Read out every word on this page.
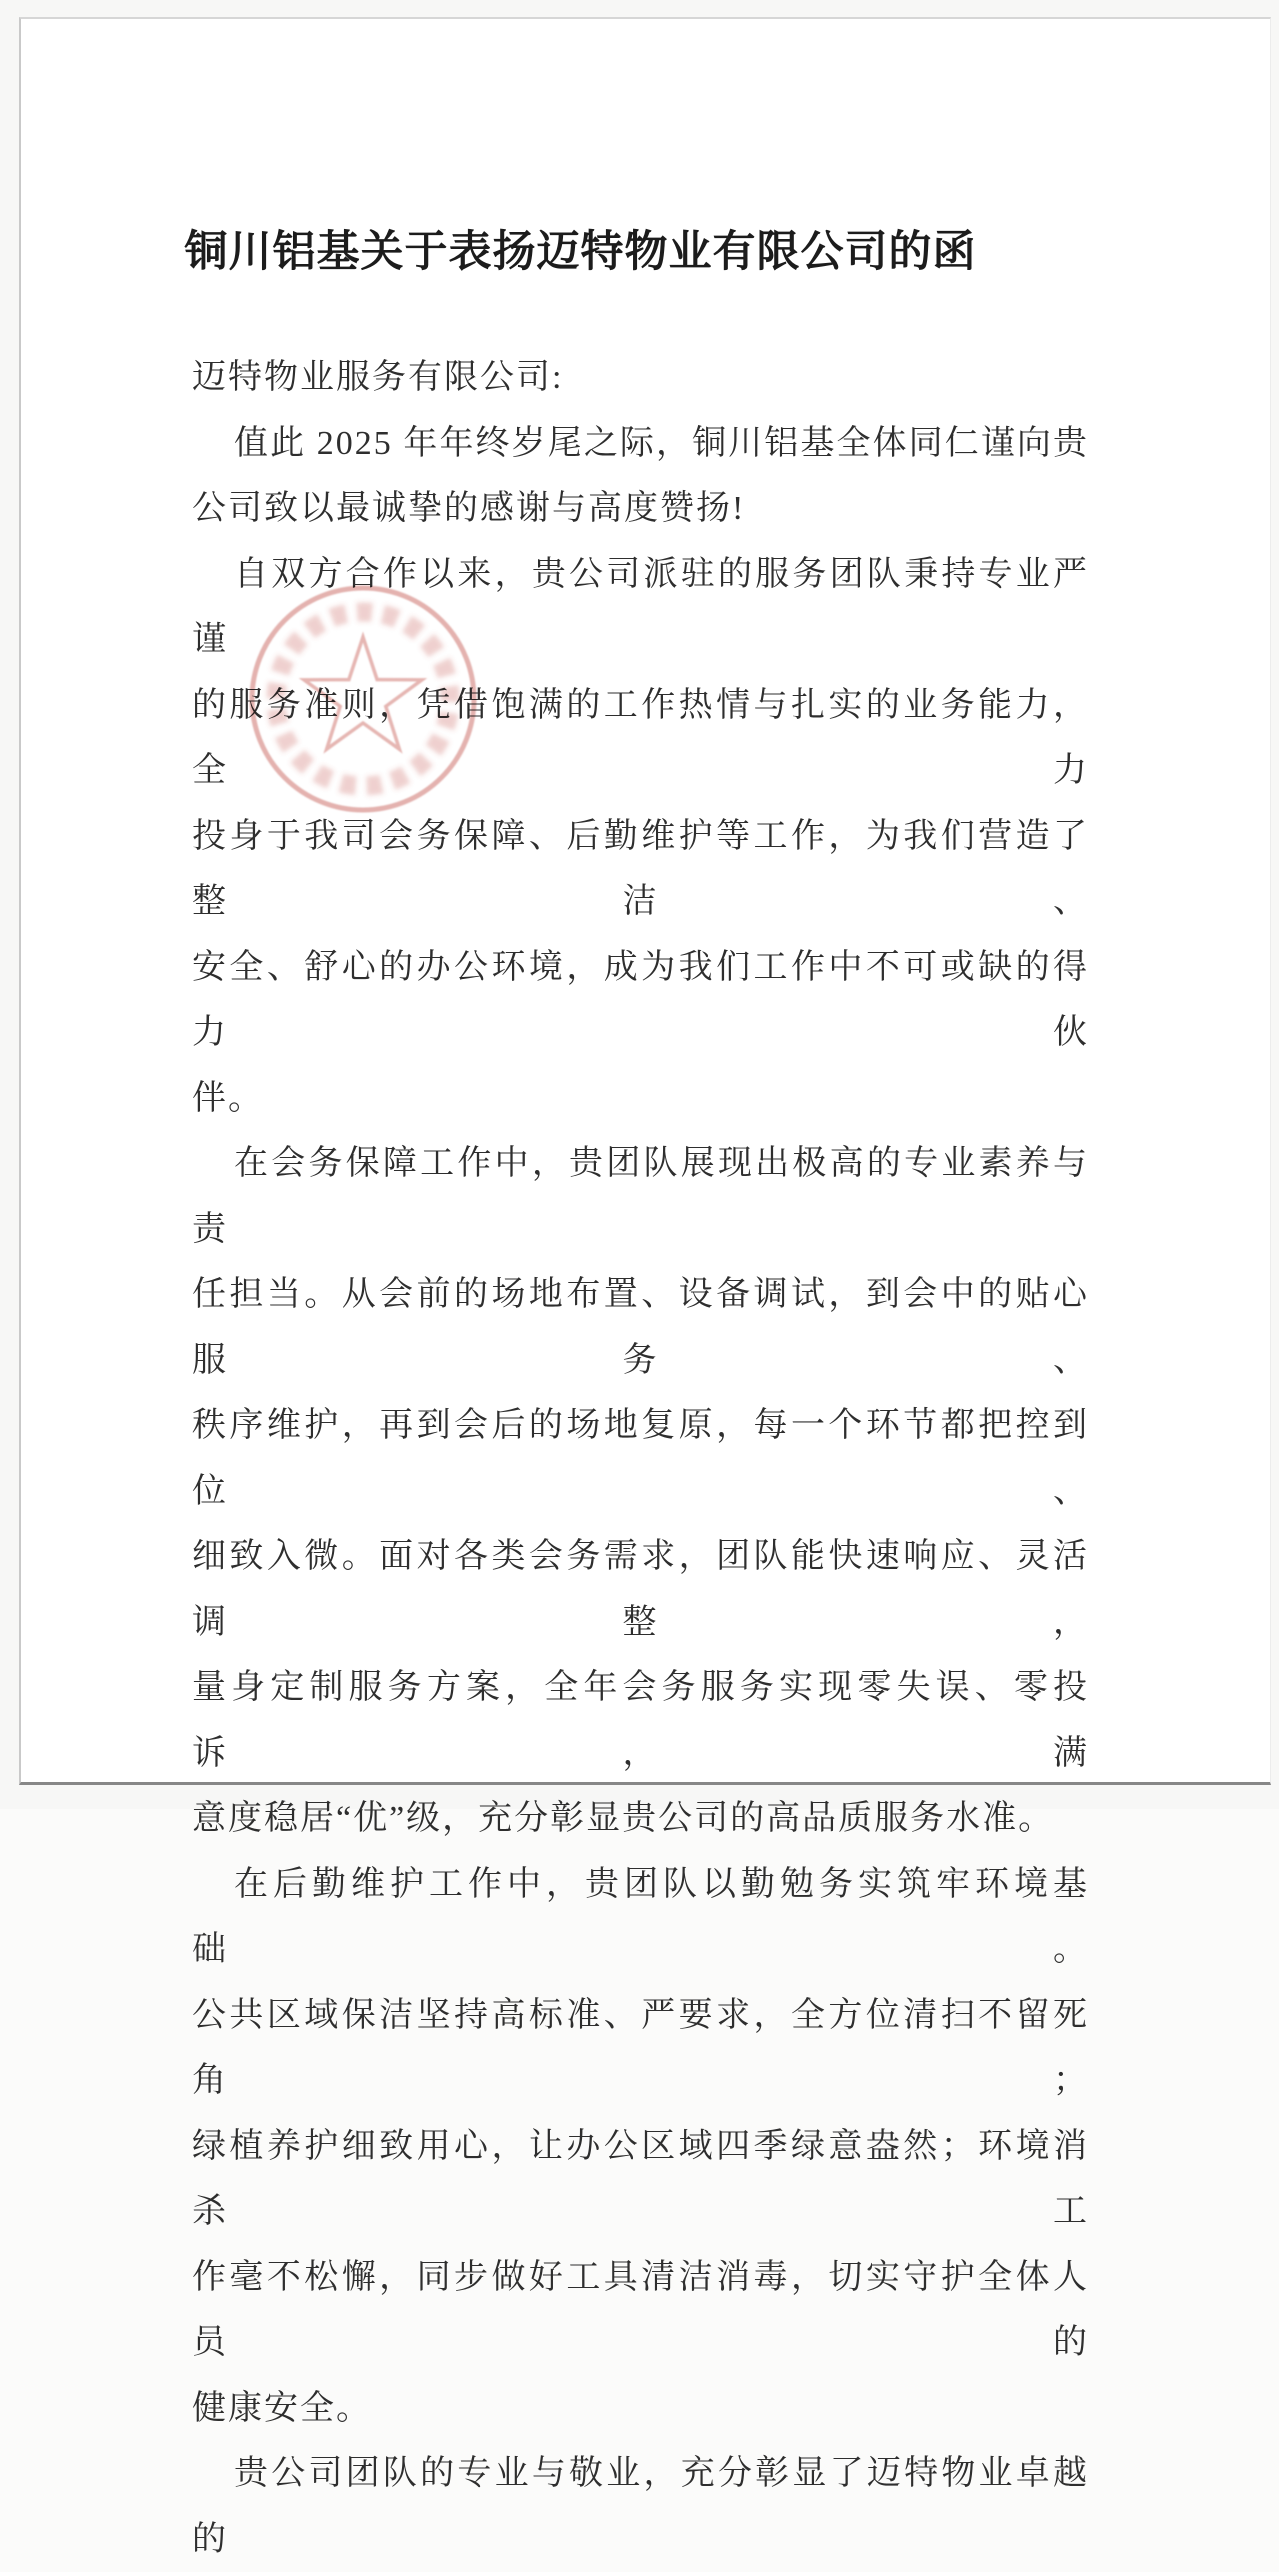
铜川铝基关于表扬迈特物业有限公司的函
迈特物业服务有限公司:
值此 2025 年年终岁尾之际，铜川铝基全体同仁谨向贵
公司致以最诚挚的感谢与高度赞扬!
自双方合作以来，贵公司派驻的服务团队秉持专业严谨
的服务准则，凭借饱满的工作热情与扎实的业务能力，全力
投身于我司会务保障、后勤维护等工作，为我们营造了整洁、
安全、舒心的办公环境，成为我们工作中不可或缺的得力伙
伴。
在会务保障工作中，贵团队展现出极高的专业素养与责
任担当。从会前的场地布置、设备调试，到会中的贴心服务、
秩序维护，再到会后的场地复原，每一个环节都把控到位、
细致入微。面对各类会务需求，团队能快速响应、灵活调整，
量身定制服务方案，全年会务服务实现零失误、零投诉，满
意度稳居“优”级，充分彰显贵公司的高品质服务水准。
在后勤维护工作中，贵团队以勤勉务实筑牢环境基础。
公共区域保洁坚持高标准、严要求，全方位清扫不留死角；
绿植养护细致用心，让办公区域四季绿意盎然；环境消杀工
作毫不松懈，同步做好工具清洁消毒，切实守护全体人员的
健康安全。
贵公司团队的专业与敬业，充分彰显了迈特物业卓越的
